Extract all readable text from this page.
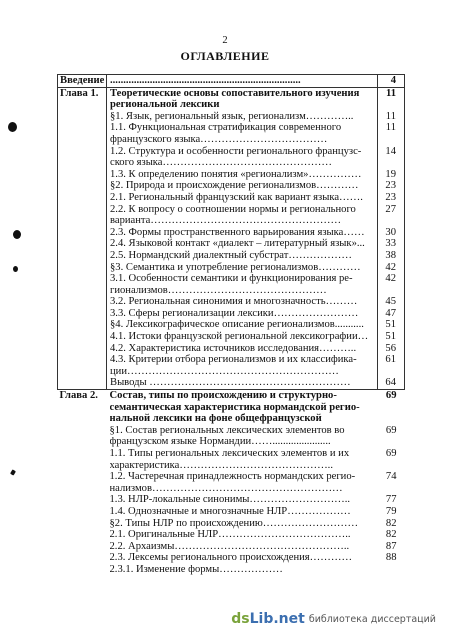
2
ОГЛАВЛЕНИЕ
Введение	........................................................................	4
Глава 1.	Теоретические основы сопоставительного изучения
региональной лексики	11

	§1. Язык, региональный язык, регионализм…………..	11

	1.1. Функциональная стратификация современного
французского языка………………………………	11

	1.2. Структура и особенности регионального французс-
ского языка…………………………………………	14

	1.3. К определению понятия «регионализм»……………	19

	§2. Природа и происхождение регионализмов…………	23

	2.1. Региональный французский как вариант языка…….	23

	2.2. К вопросу о соотношении нормы и регионального
варианта………………………………………………	27

	2.3. Формы пространственного варьирования языка……	30

	2.4. Языковой контакт «диалект – литературный язык»...	33

	2.5. Нормандский диалектный субстрат………………	38

	§3. Семантика и употребление регионализмов…………	42

	3.1. Особенности семантики и функционирования ре-
гионализмов………………………………………	42

	3.2. Региональная синонимия и многозначность………	45

	3.3. Сферы регионализации лексики……………………	47

	§4. Лексикографическое описание регионализмов...........	51

	4.1. Истоки французской региональной лексикографии…	51

	4.2. Характеристика источников исследования………..	56

	4.3. Критерии отбора регионализмов и их классифика-
ции……………………………………………………	61

	Выводы …………………………………………………	64
Глава 2.	Состав, типы по происхождению и структурно-
семантическая характеристика нормандской регио-
нальной лексики на фоне общефранцузской	69

	§1. Состав региональных лексических элементов во
французском языке Нормандии……......................	69

	1.1. Типы региональных лексических элементов и их
характеристика……………………………………..	69

	1.2. Частеречная принадлежность нормандских регио-
нализмов………………………………………………	74

	1.3. НЛР-локальные синонимы………………………..	77

	1.4. Однозначные и многозначные НЛР………………	79

	§2. Типы НЛР по происхождению………………………	82

	2.1. Оригинальные НЛР………………………………..	82

	2.2. Архаизмы…………………………………………..	87

	2.3. Лексемы регионального происхождения…………	88

	2.3.1. Изменение формы………………	

dsLib.net библиотека диссертаций
